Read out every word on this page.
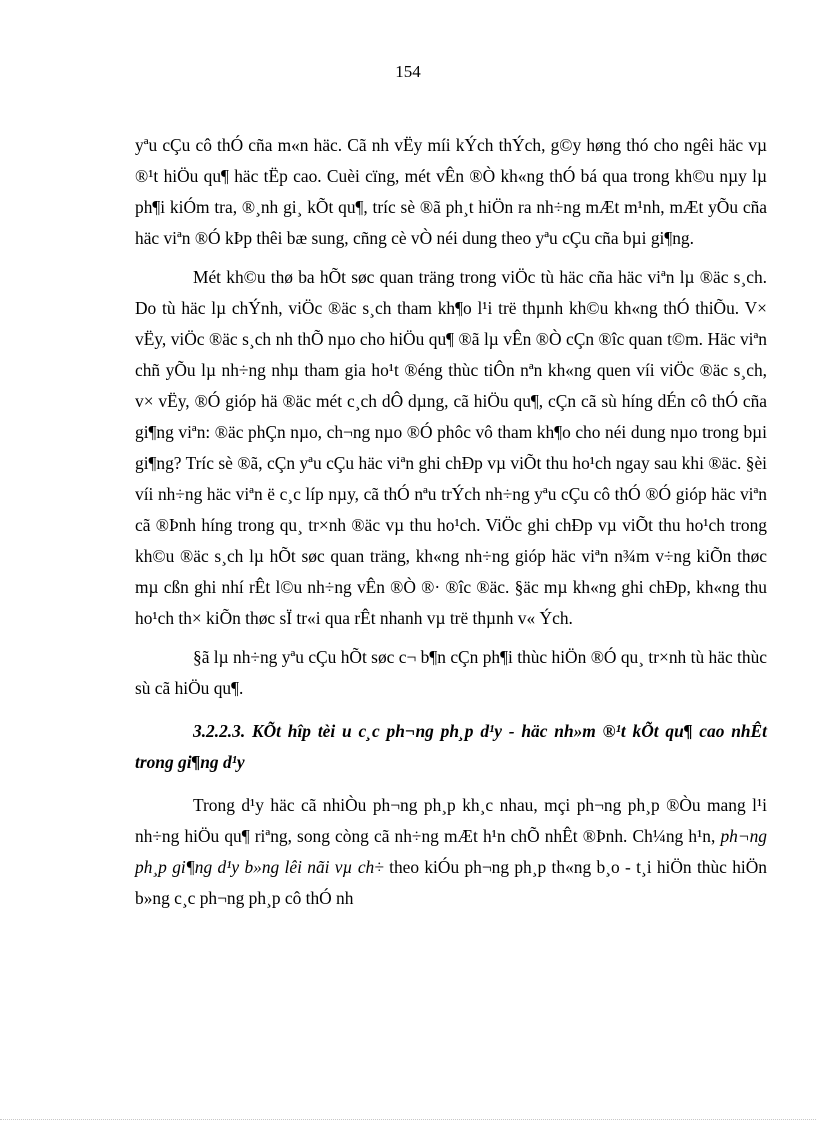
154

yªu cÇu cô thÓ cña m«n häc. Cã nh vËy míi kÝch thÝch, g©y høng thó cho ngêi häc vµ ®¹t hiÖu qu¶ häc tËp cao. Cuèi cïng, mét vÊn ®Ò kh«ng thÓ bá qua trong kh©u nµy lµ ph¶i kiÓm tra, ®¸nh gi¸ kÕt qu¶, tríc sè ®ã ph¸t hiÖn ra nh÷ng mÆt m¹nh, mÆt yÕu cña häc viªn ®Ó kÞp thêi bæ sung, cñng cè vÒ néi dung theo yªu cÇu cña bµi gi¶ng.

Mét kh©u thø ba hÕt søc quan träng trong viÖc tù häc cña häc viªn lµ ®äc s¸ch. Do tù häc lµ chÝnh, viÖc ®äc s¸ch tham kh¶o l¹i trë thµnh kh©u kh«ng thÓ thiÕu. V× vËy, viÖc ®äc s¸ch nh thÕ nµo cho hiÖu qu¶ ®ã lµ vÊn ®Ò cÇn ®îc quan t©m. Häc viªn chñ yÕu lµ nh÷ng nhµ tham gia ho¹t ®éng thùc tiÔn nªn kh«ng quen víi viÖc ®äc s¸ch, v× vËy, ®Ó gióp hä ®äc mét c¸ch dÔ dµng, cã hiÖu qu¶, cÇn cã sù híng dÉn cô thÓ cña gi¶ng viªn: ®äc phÇn nµo, ch¬ng nµo ®Ó phôc vô tham kh¶o cho néi dung nµo trong bµi gi¶ng? Tríc sè ®ã, cÇn yªu cÇu häc viªn ghi chÐp vµ viÕt thu ho¹ch ngay sau khi ®äc. §èi víi nh÷ng häc viªn ë c¸c líp nµy, cã thÓ nªu trÝch nh÷ng yªu cÇu cô thÓ ®Ó gióp häc viªn cã ®Þnh híng trong qu¸ tr×nh ®äc vµ thu ho¹ch. ViÖc ghi chÐp vµ viÕt thu ho¹ch trong kh©u ®äc s¸ch lµ hÕt søc quan träng, kh«ng nh÷ng gióp häc viªn n¾m v÷ng kiÕn thøc mµ cßn ghi nhí rÊt l©u nh÷ng vÊn ®Ò ®· ®îc ®äc. §äc mµ kh«ng ghi chÐp, kh«ng thu ho¹ch th× kiÕn thøc sÏ tr«i qua rÊt nhanh vµ trë thµnh v« Ých.

§ã lµ nh÷ng yªu cÇu hÕt søc c¬ b¶n cÇn ph¶i thùc hiÖn ®Ó qu¸ tr×nh tù häc thùc sù cã hiÖu qu¶.

3.2.2.3. KÕt hîp tèi u c¸c ph¬ng ph¸p d¹y - häc nh»m ®¹t kÕt qu¶ cao nhÊt trong gi¶ng d¹y

Trong d¹y häc cã nhiÒu ph¬ng ph¸p kh¸c nhau, mçi ph¬ng ph¸p ®Òu mang l¹i nh÷ng hiÖu qu¶ riªng, song còng cã nh÷ng mÆt h¹n chÕ nhÊt ®Þnh. Ch¼ng h¹n, ph¬ng ph¸p gi¶ng d¹y b»ng lêi nãi vµ ch÷ theo kiÓu ph¬ng ph¸p th«ng b¸o - t¸i hiÖn thùc hiÖn b»ng c¸c ph¬ng ph¸p cô thÓ nh
